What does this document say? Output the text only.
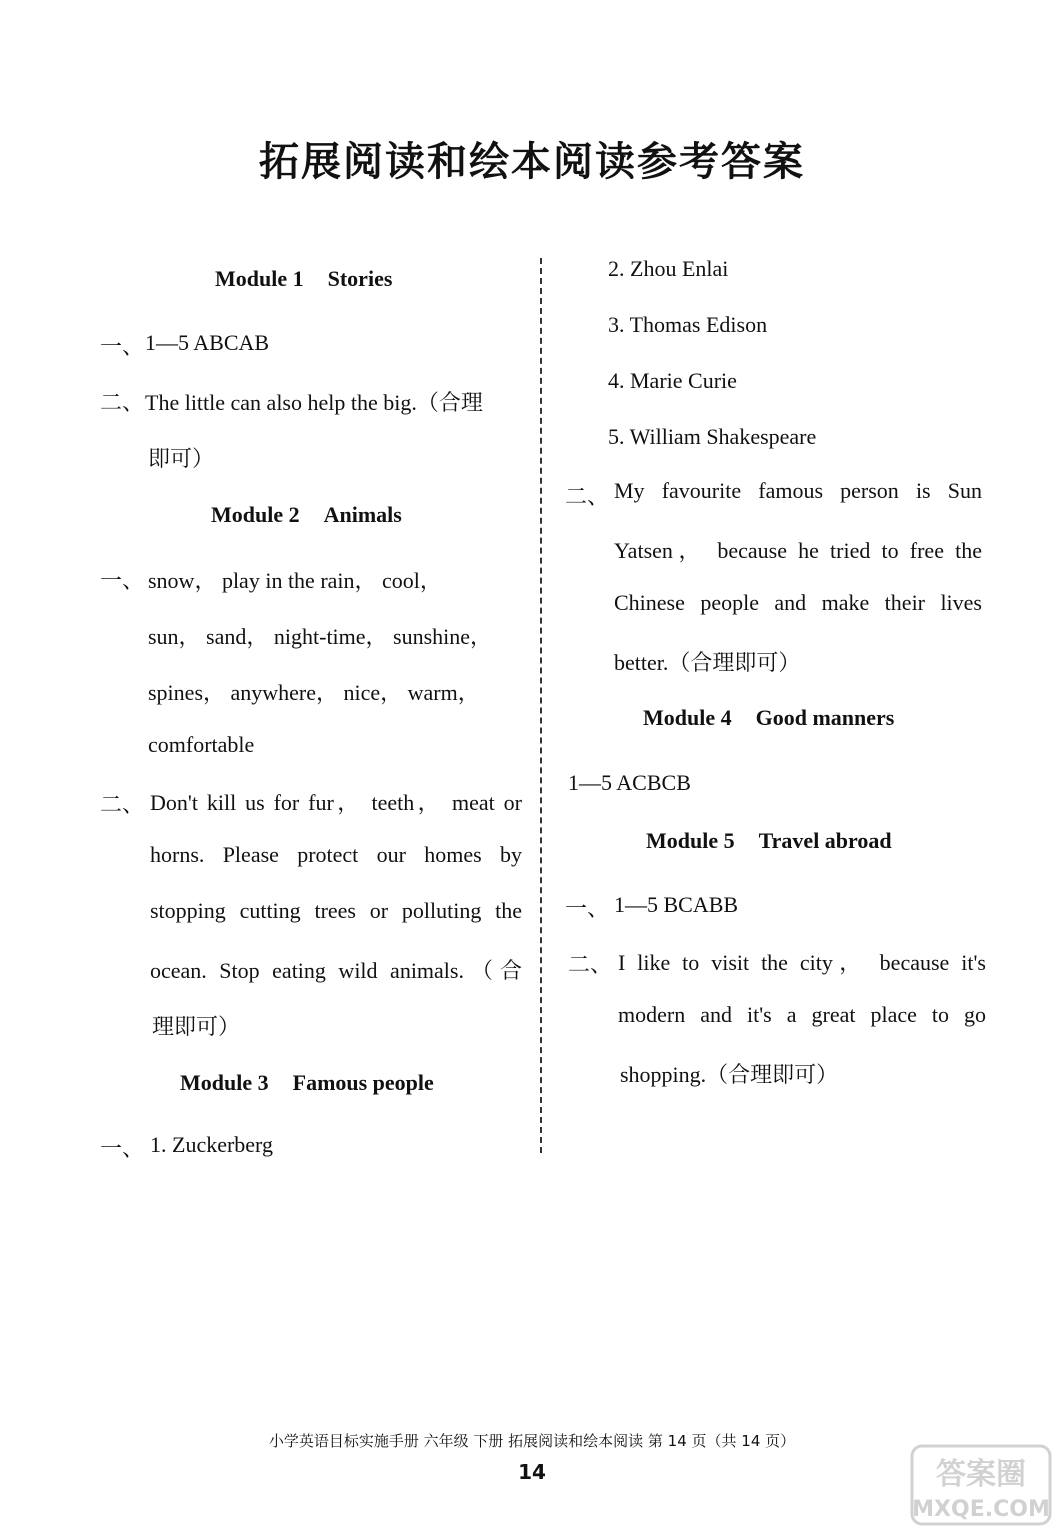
拓展阅读和绘本阅读参考答案
Module 1 Stories
一、 1—5 ABCAB
二、 The little can also help the big.（合理
即可）
Module 2 Animals
一、 snow， play in the rain， cool，
sun， sand， night-time， sunshine，
spines， anywhere， nice， warm，
comfortable
二、 Don't kill us for fur， teeth， meat or
horns. Please protect our homes by
stopping cutting trees or polluting the
ocean. Stop eating wild animals.（合
理即可）
Module 3 Famous people
一、 1. Zuckerberg
2. Zhou Enlai
3. Thomas Edison
4. Marie Curie
5. William Shakespeare
二、 My favourite famous person is Sun
Yatsen， because he tried to free the
Chinese people and make their lives
better.（合理即可）
Module 4 Good manners
1—5 ACBCB
Module 5 Travel abroad
一、 1—5 BCABB
二、 I like to visit the city， because it's
modern and it's a great place to go
shopping.（合理即可）
小学英语目标实施手册 六年级 下册 拓展阅读和绘本阅读 第 14 页（共 14 页）
14	答案圈
MXQE.COM
